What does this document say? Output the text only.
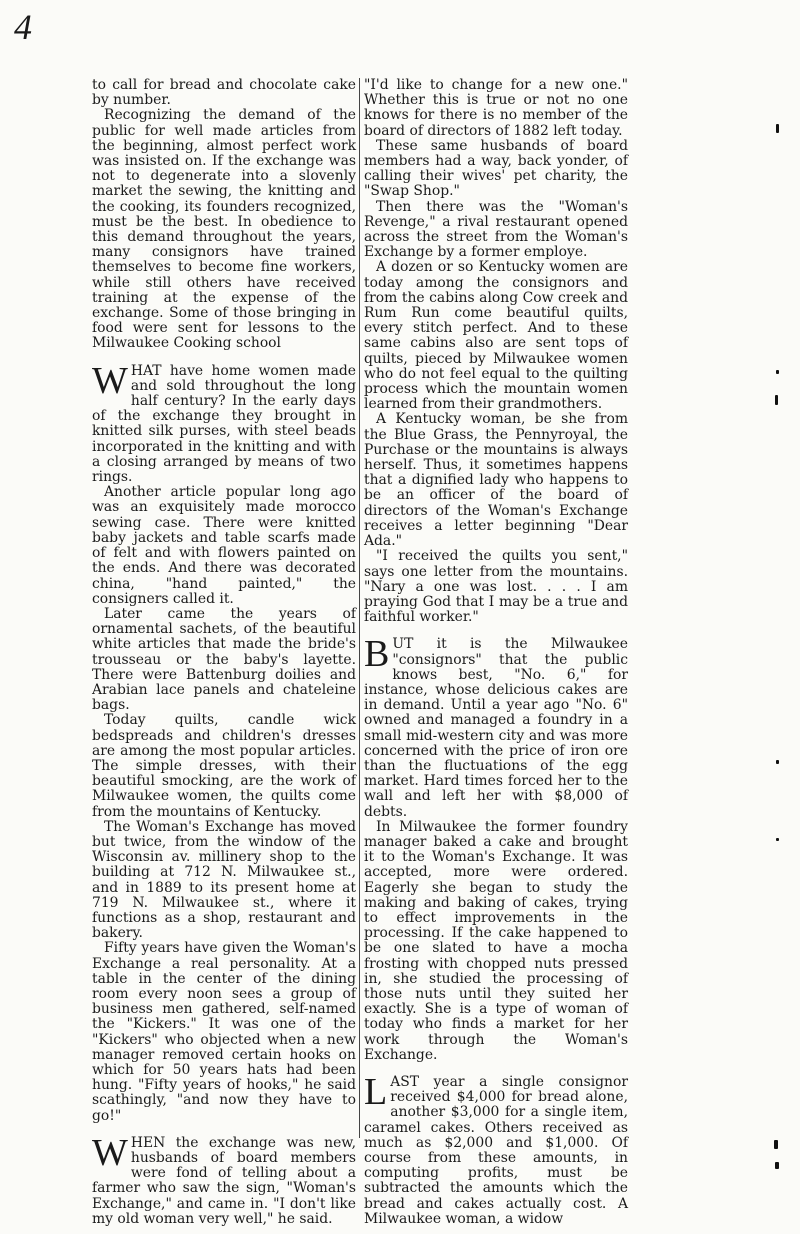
4

to call for bread and chocolate cake by number.

Recognizing the demand of the public for well made articles from the beginning, almost perfect work was insisted on. If the exchange was not to degenerate into a slovenly market the sewing, the knitting and the cooking, its founders recognized, must be the best. In obedience to this demand throughout the years, many consignors have trained themselves to become fine workers, while still others have received training at the expense of the exchange. Some of those bringing in food were sent for lessons to the Milwaukee Cooking school

WHAT have home women made and sold throughout the long half century? In the early days of the exchange they brought in knitted silk purses, with steel beads incorporated in the knitting and with a closing arranged by means of two rings.

Another article popular long ago was an exquisitely made morocco sewing case. There were knitted baby jackets and table scarfs made of felt and with flowers painted on the ends. And there was decorated china, "hand painted," the consigners called it.

Later came the years of ornamental sachets, of the beautiful white articles that made the bride's trousseau or the baby's layette. There were Battenburg doilies and Arabian lace panels and chateleine bags.

Today quilts, candle wick bedspreads and children's dresses are among the most popular articles. The simple dresses, with their beautiful smocking, are the work of Milwaukee women, the quilts come from the mountains of Kentucky.

The Woman's Exchange has moved but twice, from the window of the Wisconsin av. millinery shop to the building at 712 N. Milwaukee st., and in 1889 to its present home at 719 N. Milwaukee st., where it functions as a shop, restaurant and bakery.

Fifty years have given the Woman's Exchange a real personality. At a table in the center of the dining room every noon sees a group of business men gathered, self-named the "Kickers." It was one of the "Kickers" who objected when a new manager removed certain hooks on which for 50 years hats had been hung. "Fifty years of hooks," he said scathingly, "and now they have to go!"

WHEN the exchange was new, husbands of board members were fond of telling about a farmer who saw the sign, "Woman's Exchange," and came in. "I don't like my old woman very well," he said.

"I'd like to change for a new one." Whether this is true or not no one knows for there is no member of the board of directors of 1882 left today.

These same husbands of board members had a way, back yonder, of calling their wives' pet charity, the "Swap Shop."

Then there was the "Woman's Revenge," a rival restaurant opened across the street from the Woman's Exchange by a former employe.

A dozen or so Kentucky women are today among the consignors and from the cabins along Cow creek and Rum Run come beautiful quilts, every stitch perfect. And to these same cabins also are sent tops of quilts, pieced by Milwaukee women who do not feel equal to the quilting process which the mountain women learned from their grandmothers.

A Kentucky woman, be she from the Blue Grass, the Pennyroyal, the Purchase or the mountains is always herself. Thus, it sometimes happens that a dignified lady who happens to be an officer of the board of directors of the Woman's Exchange receives a letter beginning "Dear Ada."

"I received the quilts you sent," says one letter from the mountains. "Nary a one was lost. . . . I am praying God that I may be a true and faithful worker."

BUT it is the Milwaukee "consignors" that the public knows best, "No. 6," for instance, whose delicious cakes are in demand. Until a year ago "No. 6" owned and managed a foundry in a small mid-western city and was more concerned with the price of iron ore than the fluctuations of the egg market. Hard times forced her to the wall and left her with $8,000 of debts.

In Milwaukee the former foundry manager baked a cake and brought it to the Woman's Exchange. It was accepted, more were ordered. Eagerly she began to study the making and baking of cakes, trying to effect improvements in the processing. If the cake happened to be one slated to have a mocha frosting with chopped nuts pressed in, she studied the processing of those nuts until they suited her exactly. She is a type of woman of today who finds a market for her work through the Woman's Exchange.

LAST year a single consignor received $4,000 for bread alone, another $3,000 for a single item, caramel cakes. Others received as much as $2,000 and $1,000. Of course from these amounts, in computing profits, must be subtracted the amounts which the bread and cakes actually cost. A Milwaukee woman, a widow
